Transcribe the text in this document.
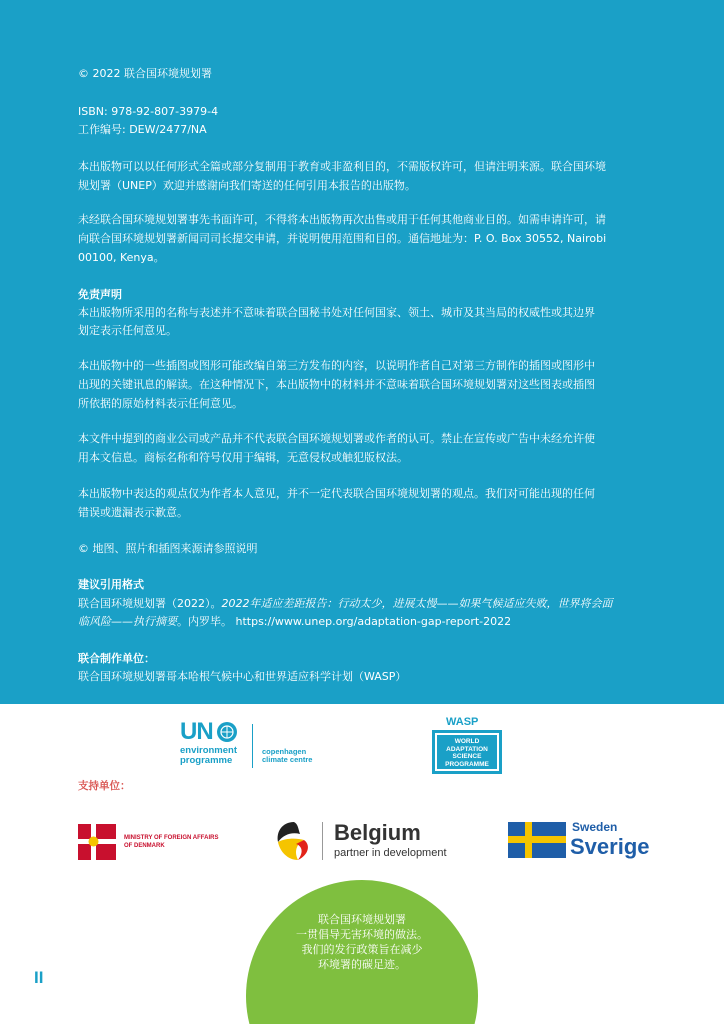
© 2022 联合国环境规划署
ISBN: 978-92-807-3979-4
工作编号: DEW/2477/NA
本出版物可以以任何形式全篇或部分复制用于教育或非盈利目的，不需版权许可，但请注明来源。联合国环境
规划署（UNEP）欢迎并感谢向我们寄送的任何引用本报告的出版物。
未经联合国环境规划署事先书面许可，不得将本出版物再次出售或用于任何其他商业目的。如需申请许可，请
向联合国环境规划署新闻司司长提交申请，并说明使用范围和目的。通信地址为：P. O. Box 30552, Nairobi
00100, Kenya。
免责声明
本出版物所采用的名称与表述并不意味着联合国秘书处对任何国家、领土、城市及其当局的权威性或其边界
划定表示任何意见。
本出版物中的一些插图或图形可能改编自第三方发布的内容，以说明作者自己对第三方制作的插图或图形中
出现的关键讯息的解读。在这种情况下，本出版物中的材料并不意味着联合国环境规划署对这些图表或插图
所依据的原始材料表示任何意见。
本文件中提到的商业公司或产品并不代表联合国环境规划署或作者的认可。禁止在宣传或广告中未经允许使
用本文信息。商标名称和符号仅用于编辑，无意侵权或触犯版权法。
本出版物中表达的观点仅为作者本人意见，并不一定代表联合国环境规划署的观点。我们对可能出现的任何
错误或遗漏表示歉意。
© 地图、照片和插图来源请参照说明
建议引用格式
联合国环境规划署（2022）。2022年适应差距报告：行动太少，进展太慢——如果气候适应失败，世界将会面
临风险——执行摘要。内罗毕。 https://www.unep.org/adaptation-gap-report-2022
联合制作单位：
联合国环境规划署哥本哈根气候中心和世界适应科学计划（WASP）
UN
environment
programme
copenhagen
climate centre
WASP
WORLD
ADAPTATION
SCIENCE
PROGRAMME
支持单位：
MINISTRY OF FOREIGN AFFAIRS
OF DENMARK
Belgium
partner in development
Sweden
Sverige
联合国环境规划署
一贯倡导无害环境的做法。
我们的发行政策旨在减少
环境署的碳足迹。
II
